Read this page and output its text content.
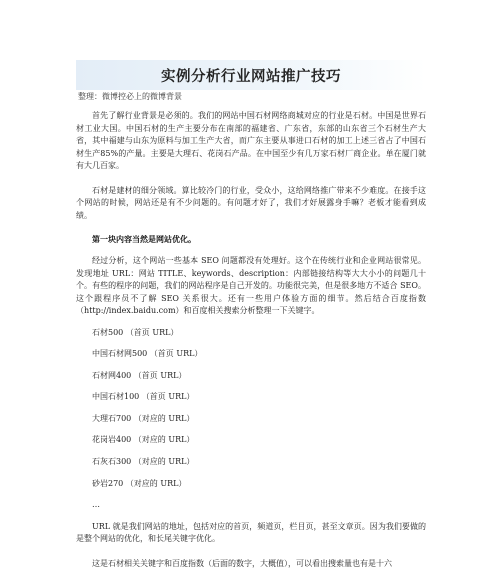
实例分析行业网站推广技巧
整理：微博控必上的微博背景

首先了解行业背景是必须的。我们的网站中国石材网络商城对应的行业是石材。中国是世界石材工业大国。中国石材的生产主要分布在南部的福建省、广东省，东部的山东省三个石材生产大省，其中福建与山东为原料与加工生产大省，而广东主要从事进口石材的加工上述三省占了中国石材生产85%的产量。主要是大理石、花岗石产品。在中国至少有几万家石材厂商企业。单在厦门就有大几百家。

石材是建材的细分领域。算比较冷门的行业，受众小，这给网络推广带来不少难度。在接手这个网站的时候，网站还是有不少问题的。有问题才好了，我们才好展露身手嘛？老板才能看到成绩。

第一块内容当然是网站优化。

经过分析，这个网站一些基本 SEO 问题都没有处理好。这个在传统行业和企业网站很常见。发现地址 URL：网站 TITLE、keywords、description：内部链接结构等大大小小的问题几十个。有些的程序的问题，我们的网站程序是自己开发的。功能很完美，但是很多地方不适合 SEO。这个跟程序员不了解 SEO 关系很大。还有一些用户体验方面的细节。然后结合百度指数（http://index.baidu.com）和百度相关搜索分析整理一下关键字。

石材500 （首页 URL）
中国石材网500 （首页 URL）
石材网400 （首页 URL）
中国石材100 （首页 URL）
大理石700 （对应的 URL）
花岗岩400 （对应的 URL）
石灰石300 （对应的 URL）
砂岩270 （对应的 URL）
…

URL 就是我们网站的地址，包括对应的首页，频道页，栏目页，甚至文章页。因为我们要做的是整个网站的优化，和长尾关键字优化。

这是石材相关关键字和百度指数（后面的数字，大概值），可以看出搜索量也有是十六
